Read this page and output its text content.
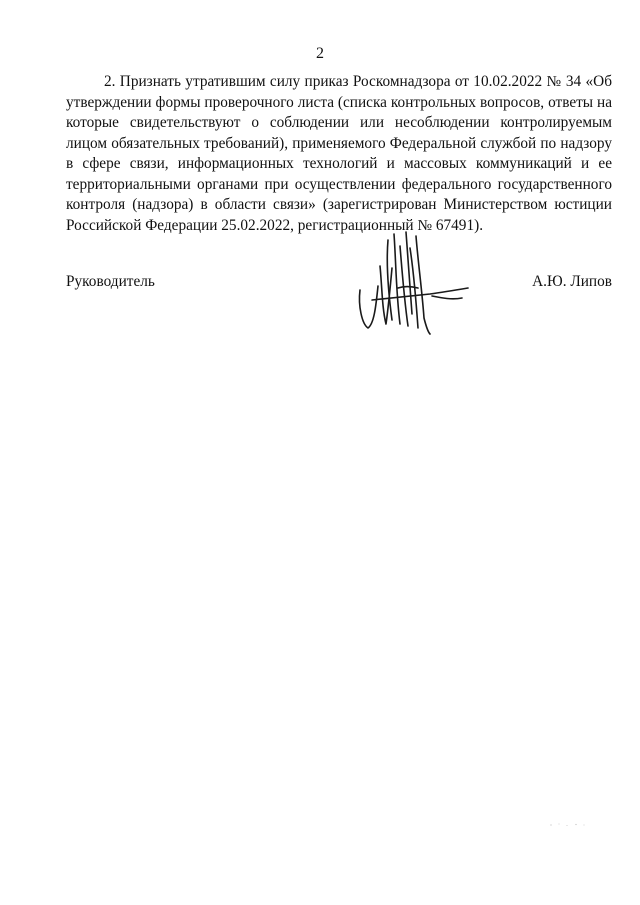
2

2. Признать утратившим силу приказ Роскомнадзора от 10.02.2022 № 34 «Об утверждении формы проверочного листа (списка контрольных вопросов, ответы на которые свидетельствуют о соблюдении или несоблюдении контролируемым лицом обязательных требований), применяемого Федеральной службой по надзору в сфере связи, информационных технологий и массовых коммуникаций и ее территориальными органами при осуществлении федерального государственного контроля (надзора) в области связи» (зарегистрирован Министерством юстиции Российской Федерации 25.02.2022, регистрационный № 67491).

Руководитель	А.Ю. Липов
